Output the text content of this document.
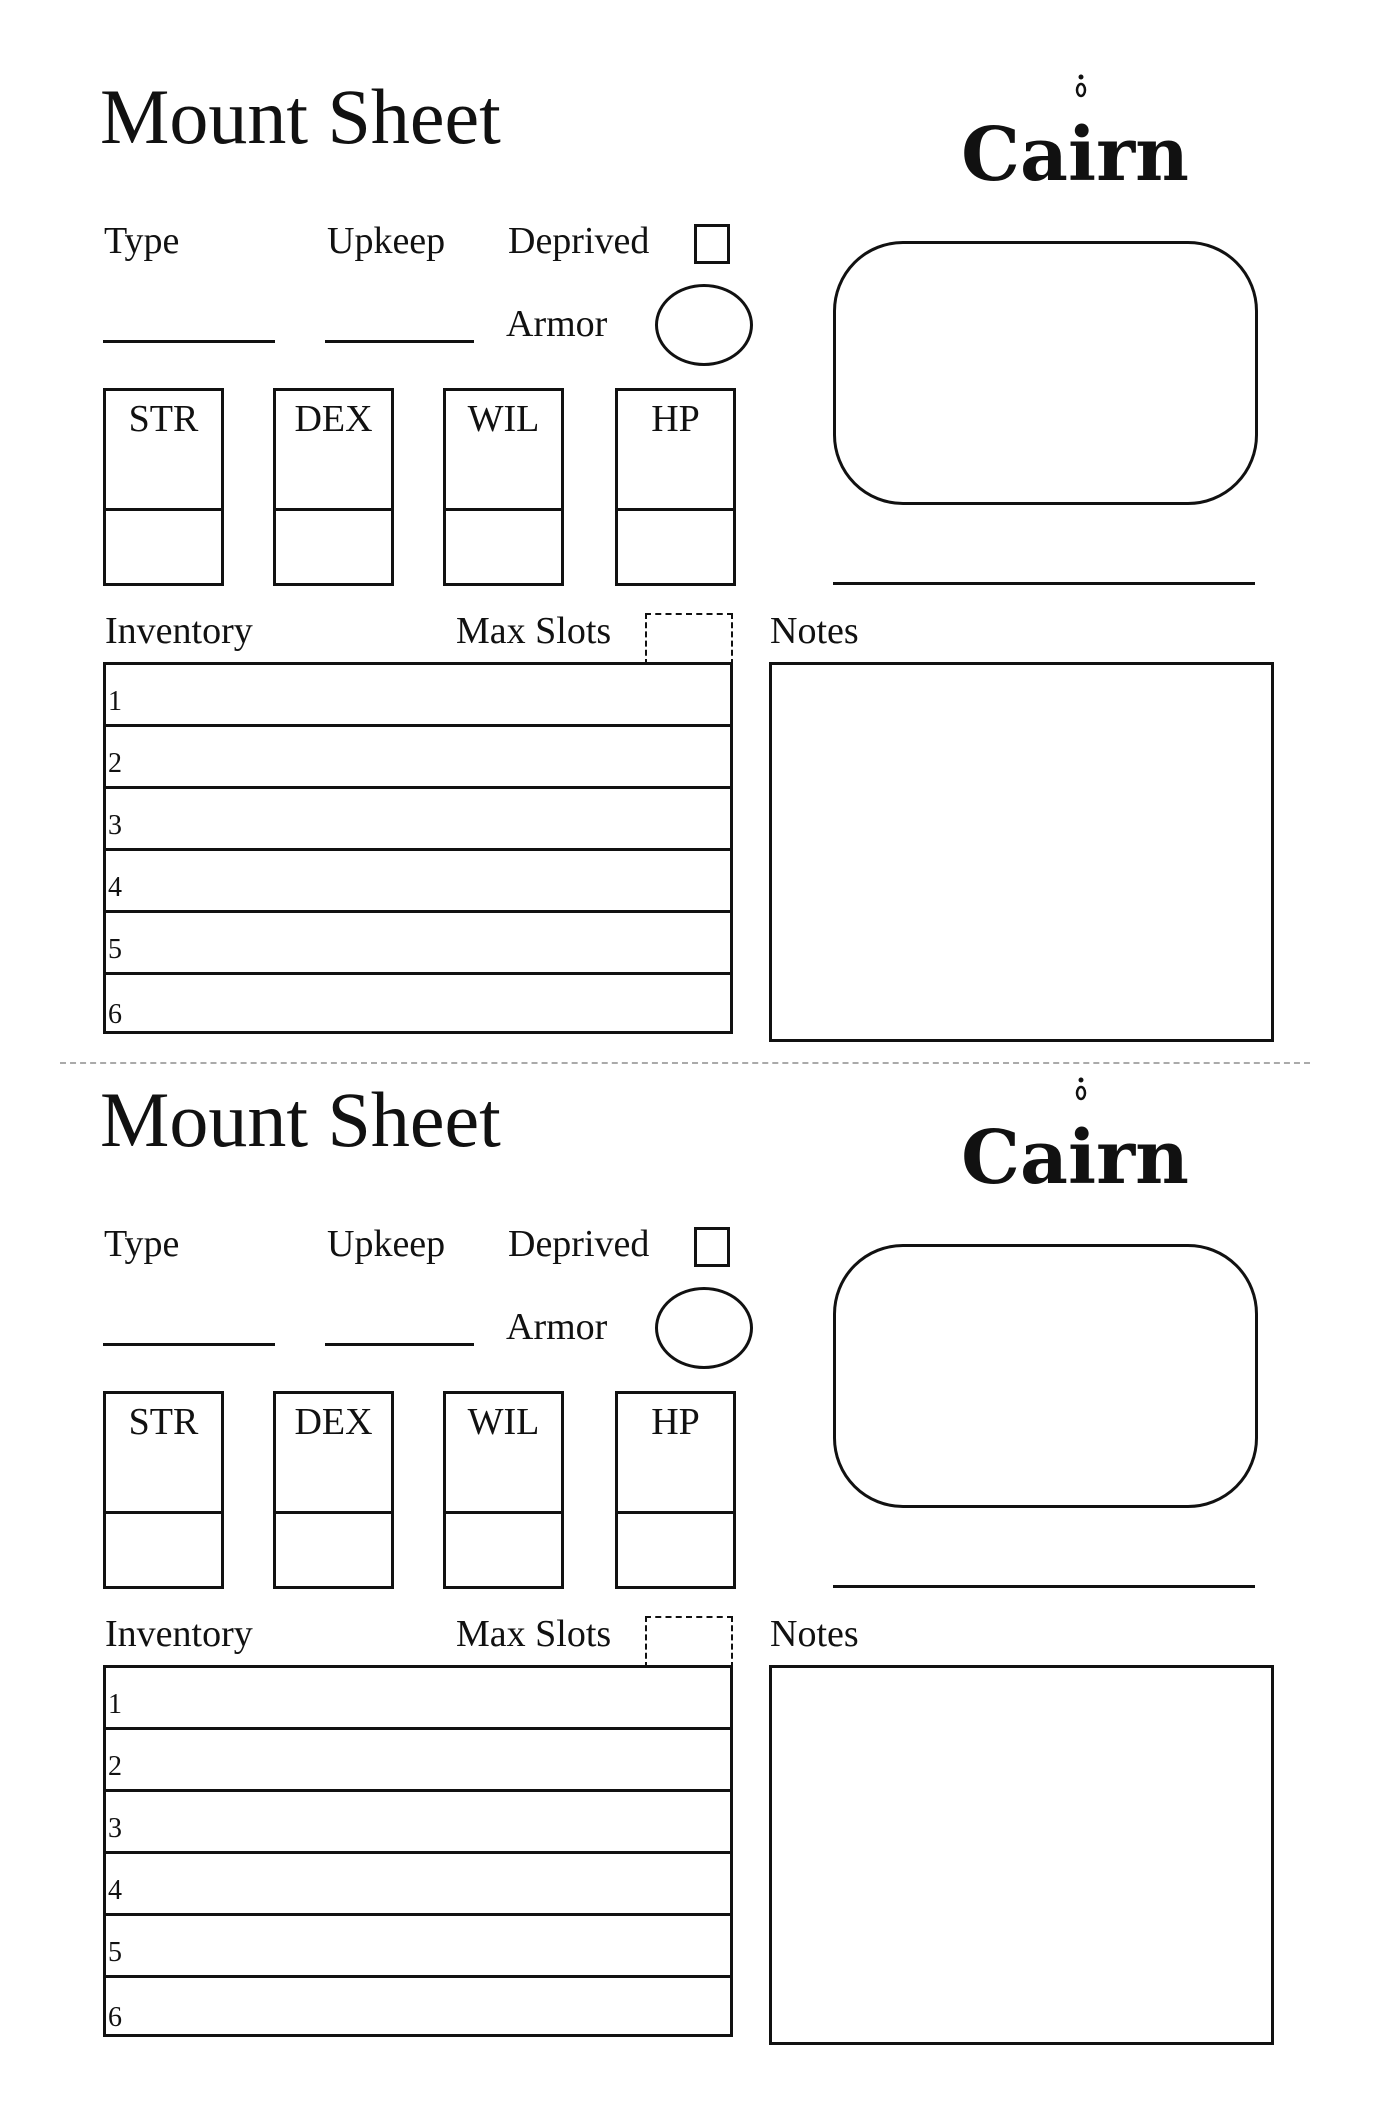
Mount Sheet	Cairn
Type	Upkeep Deprived
Armor
STR	DEX	WIL	HP
Inventory	Max Slots	Notes
1
2
3
4
5
6
Mount Sheet	Cairn
Type	Upkeep Deprived
Armor
STR	DEX	WIL	HP
Inventory	Max Slots	Notes
1
2
3
4
5
6
